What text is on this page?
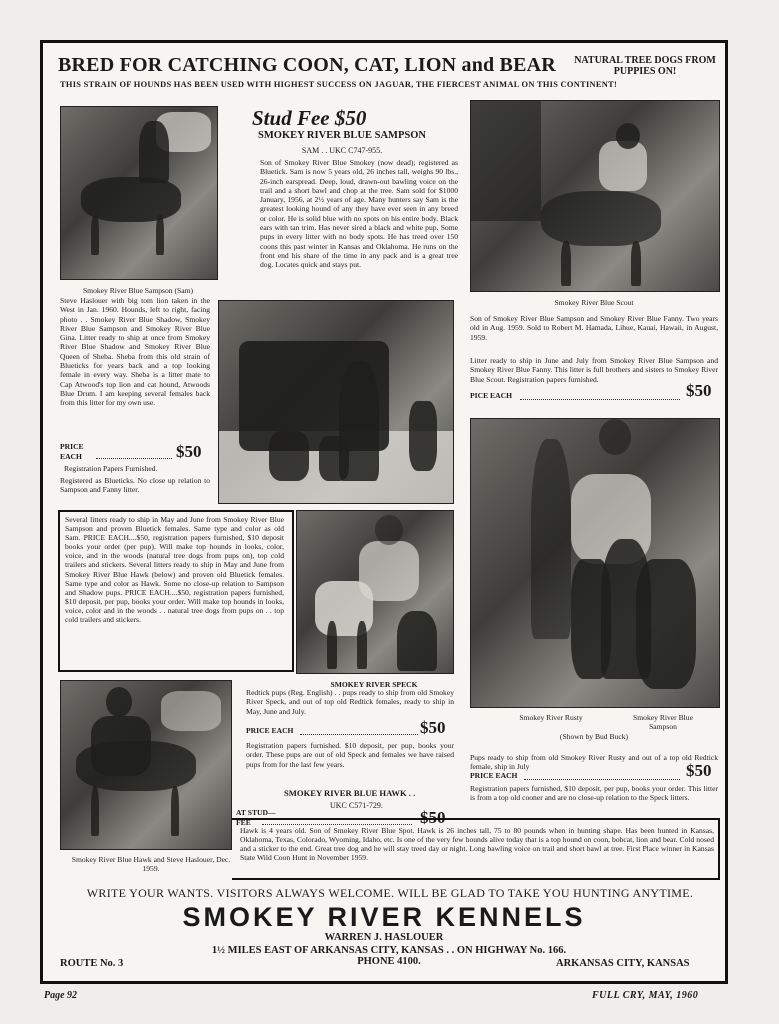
BRED FOR CATCHING COON, CAT, LION and BEAR NATURAL TREE DOGS FROM PUPPIES ON!
THIS STRAIN OF HOUNDS HAS BEEN USED WITH HIGHEST SUCCESS ON JAGUAR, THE FIERCEST ANIMAL ON THIS CONTINENT!
Smokey River Blue Sampson (Sam)
Stud Fee $50
SMOKEY RIVER BLUE SAMPSON
SAM . . UKC C747-955.
Son of Smokey River Blue Smokey (now dead); registered as Bluetick. Sam is now 5 years old, 26 inches tall, weighs 90 lbs., 26-inch earspread. Deep, loud, drawn-out bawling voice on the trail and a short bawl and chop at the tree. Sam sold for $1000 January, 1956, at 2½ years of age. Many hunters say Sam is the greatest looking hound of any they have ever seen in any breed or color. He is solid blue with no spots on his entire body. Black ears with tan trim. Has never sired a black and white pup. Some pups in every litter with no body spots. He has treed over 150 coons this past winter in Kansas and Oklahoma. He runs on the front end his share of the time in any pack and is a great tree dog. Locates quick and stays put.
Smokey River Blue Scout
Son of Smokey River Blue Sampson and Smokey River Blue Fanny. Two years old in Aug. 1959. Sold to Robert M. Hamada, Lihue, Kauai, Hawaii, in August, 1959.
Litter ready to ship in June and July from Smokey River Blue Sampson and Smokey River Blue Fanny. This litter is full brothers and sisters to Smokey River Blue Scout. Registration papers furnished.
PICE EACH	$50
Steve Haslouer with big tom lion taken in the West in Jan. 1960. Hounds, left to right, facing photo . . Smokey River Blue Shadow, Smokey River Blue Sampson and Smokey River Blue Gina. Litter ready to ship at once from Smokey River Blue Shadow and Smokey River Blue Queen of Sheba. Sheba from this old strain of Blueticks for years back and a top looking female in every way. Sheba is a litter mate to Cap Atwood's top lion and cat hound, Atwoods Blue Drum. I am keeping several females back from this litter for my own use.
PRICE EACH	$50
Registration Papers Furnished.
Registered as Blueticks. No close up relation to Sampson and Fanny litter.
Several litters ready to ship in May and June from Smokey River Blue Sampson and proven Bluetick females. Same type and color as old Sam. PRICE EACH....$50, registration papers furnished, $10 deposit books your order (per pup). Will make top hounds in looks, color, voice, and in the woods (natural tree dogs from pups on), top cold trailers and stickers. Several litters ready to ship in May and June from Smokey River Blue Hawk (below) and proven old Bluetick females. Same type and color as Hawk. Some no close-up relation to Sampson and Shadow pups. PRICE EACH....$50, registration papers furnished, $10 deposit, per pup, books your order. Will make top hounds in looks, voice, color and in the woods . . natural tree dogs from pups on . . top cold trailers and stickers.
SMOKEY RIVER SPECK
Smokey River Rusty	Smokey River Blue Sampson
(Shown by Bud Buck)
Pups ready to ship from old Smokey River Rusty and out of a top old Redtick female, ship in July
PRICE EACH	$50
Registration papers furnished, $10 deposit, per pup, books your order. This litter is from a top old cooner and are no close-up relation to the Speck litters.
Smokey River Blue Hawk and Steve Haslouer, Dec. 1959.
Redtick pups (Reg. English) . . pups ready to ship from old Smokey River Speck, and out of top old Redtick females, ready to ship in May, June and July.
PRICE EACH	$50
Registration papers furnished. $10 deposit, per pup, books your order. These pups are out of old Speck and females we have raised pups from for the last few years.
SMOKEY RIVER BLUE HAWK . .
UKC C571-729.
AT STUD—FEE	$50
Hawk is 4 years old. Son of Smokey River Blue Spot. Hawk is 26 inches tall, 75 to 80 pounds when in hunting shape. Has been hunted in Kansas, Oklahoma, Texas, Colorado, Wyoming, Idaho, etc. Is one of the very few hounds alive today that is a top hound on coon, bobcat, lion and bear. Cold nosed and a sticker to the end. Great tree dog and he will stay treed day or night. Long bawling voice on trail and short bawl at tree. First Place winner in Kansas State Wild Coon Hunt in November 1959.
WRITE YOUR WANTS. VISITORS ALWAYS WELCOME. WILL BE GLAD TO TAKE YOU HUNTING ANYTIME.
SMOKEY RIVER KENNELS
WARREN J. HASLOUER
1½ MILES EAST OF ARKANSAS CITY, KANSAS . . ON HIGHWAY No. 166.
PHONE 4100.
ROUTE No. 3	ARKANSAS CITY, KANSAS
Page 92	FULL CRY, MAY, 1960
